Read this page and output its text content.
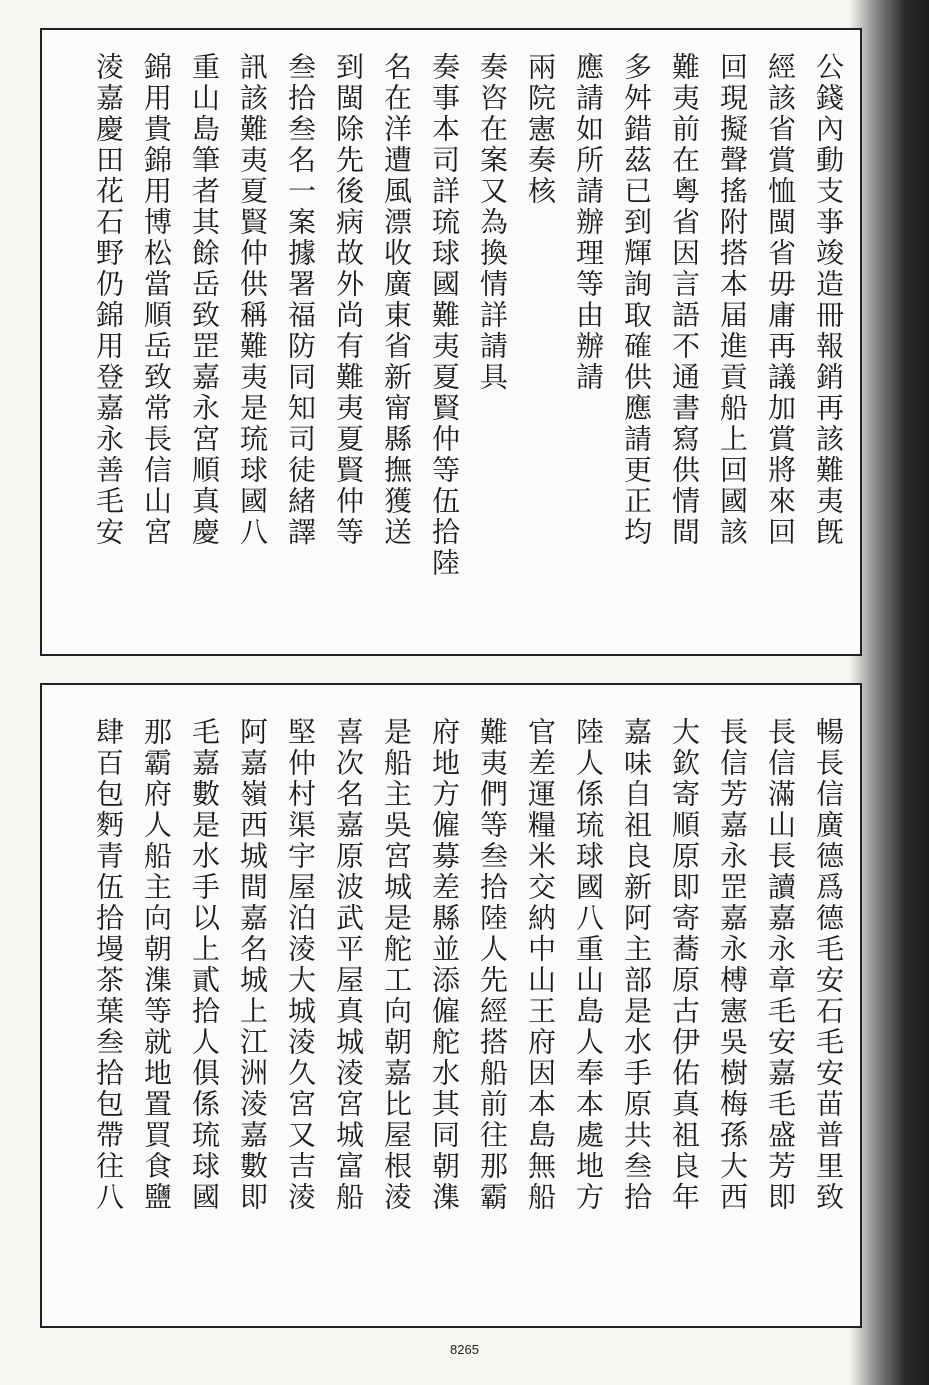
公錢內動支亊竣造冊報銷再該難夷旣
經該省賞恤閩省毋庸再議加賞將來回
回現擬聲搖附搭本届進貢船上回國該
難夷前在粵省因言語不通書寫供情間
多舛錯茲已到輝詢取確供應請更正均
應請如所請辦理等由辦請
兩院憲奏核
奏咨在案又為換情詳請具
奏事本司詳琉球國難夷夏賢仲等伍拾陸
名在洋遭風漂收廣東省新甯縣撫獲送
到閩除先後病故外尚有難夷夏賢仲等
叁拾叁名一案據署福防同知司徒緒譯
訊該難夷夏賢仲供稱難夷是琉球國八
重山島筆者其餘岳致罡嘉永宮順真慶
錦用貴錦用博松當順岳致常長信山宮
淩嘉慶田花石野仍錦用登嘉永善毛安
暢長信廣德爲德毛安石毛安苗普里致
長信滿山長讀嘉永章毛安嘉毛盛芳即
長信芳嘉永罡嘉永榑憲吳樹梅孫大西
大欽寄順原即寄蕎原古伊佑真祖良年
嘉味自祖良新阿主部是水手原共叁拾
陸人係琉球國八重山島人奉本處地方
官差運糧米交納中山王府因本島無船
難夷們等叁拾陸人先經搭船前往那霸
府地方僱募差縣並添僱舵水其同朝潗
是船主吳宮城是舵工向朝嘉比屋根淩
喜次名嘉原波武平屋真城淩宮城富船
堅仲村渠宇屋泊淩大城淩久宮又吉淩
阿嘉嶺西城間嘉名城上江洲淩嘉數即
毛嘉數是水手以上貳拾人俱係琉球國
那霸府人船主向朝潗等就地置買食鹽
肆百包麪青伍拾墁茶葉叁拾包帶往八
8265
